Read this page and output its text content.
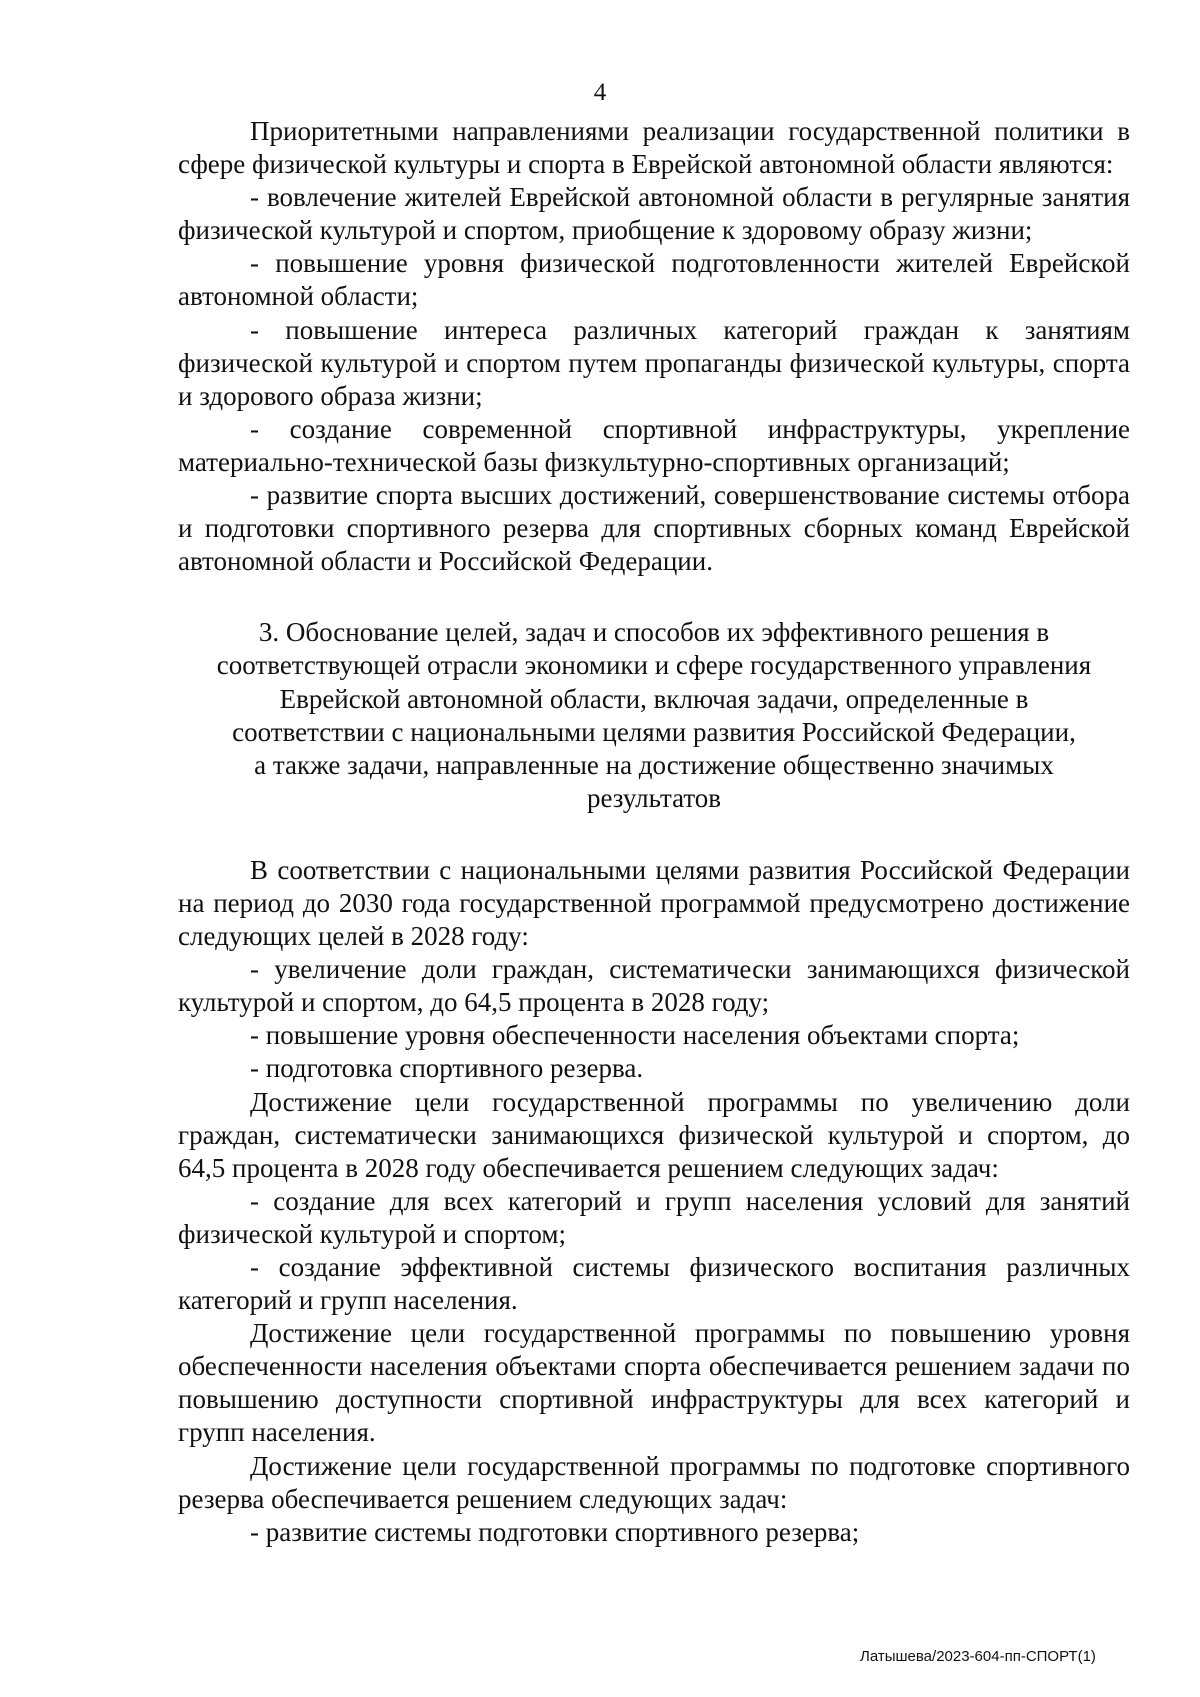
4

Приоритетными направлениями реализации государственной политики в сфере физической культуры и спорта в Еврейской автономной области являются:

- вовлечение жителей Еврейской автономной области в регулярные занятия физической культурой и спортом, приобщение к здоровому образу жизни;

- повышение уровня физической подготовленности жителей Еврейской автономной области;

- повышение интереса различных категорий граждан к занятиям физической культурой и спортом путем пропаганды физической культуры, спорта и здорового образа жизни;

- создание современной спортивной инфраструктуры, укрепление материально-технической базы физкультурно-спортивных организаций;

- развитие спорта высших достижений, совершенствование системы отбора и подготовки спортивного резерва для спортивных сборных команд Еврейской автономной области и Российской Федерации.

3. Обоснование целей, задач и способов их эффективного решения в
соответствующей отрасли экономики и сфере государственного управления
Еврейской автономной области, включая задачи, определенные в
соответствии с национальными целями развития Российской Федерации,
а также задачи, направленные на достижение общественно значимых
результатов

В соответствии с национальными целями развития Российской Федерации на период до 2030 года государственной программой предусмотрено достижение следующих целей в 2028 году:

- увеличение доли граждан, систематически занимающихся физической культурой и спортом, до 64,5 процента в 2028 году;

- повышение уровня обеспеченности населения объектами спорта;

- подготовка спортивного резерва.

Достижение цели государственной программы по увеличению доли граждан, систематически занимающихся физической культурой и спортом, до 64,5 процента в 2028 году обеспечивается решением следующих задач:

- создание для всех категорий и групп населения условий для занятий физической культурой и спортом;

- создание эффективной системы физического воспитания различных категорий и групп населения.

Достижение цели государственной программы по повышению уровня обеспеченности населения объектами спорта обеспечивается решением задачи по повышению доступности спортивной инфраструктуры для всех категорий и групп населения.

Достижение цели государственной программы по подготовке спортивного резерва обеспечивается решением следующих задач:

- развитие системы подготовки спортивного резерва;

Латышева/2023-604-пп-СПОРТ(1)
